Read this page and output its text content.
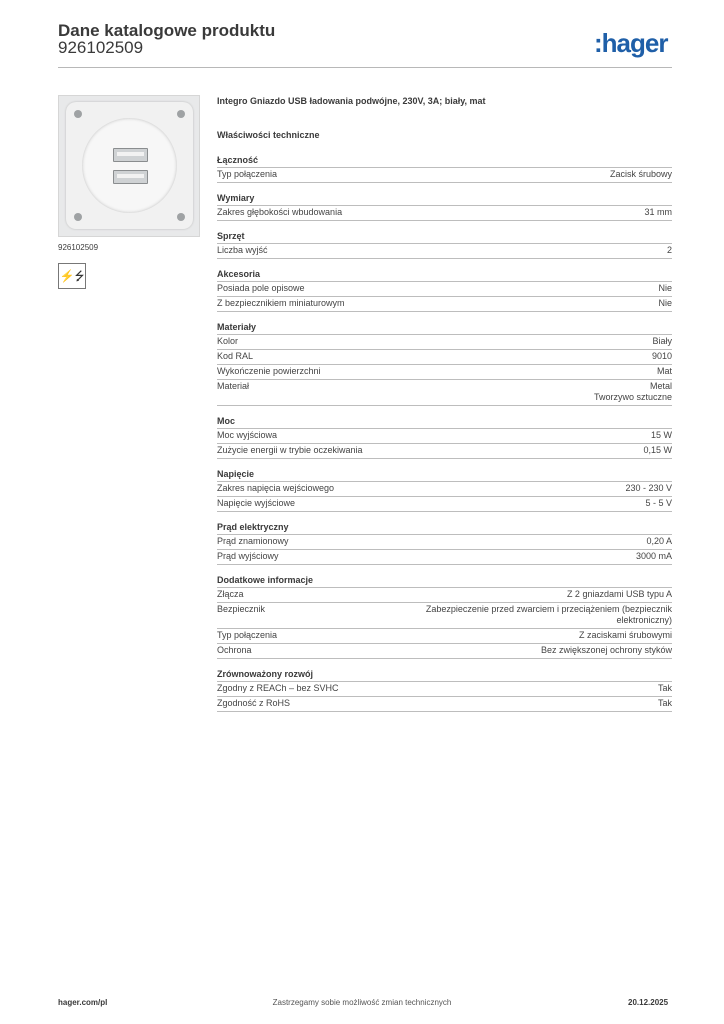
Dane katalogowe produktu
926102509	:hager
926102509
⚡⭍
Integro Gniazdo USB ładowania podwójne, 230V, 3A; biały, mat
Właściwości techniczne
Łączność
Typ połączenia	Zacisk śrubowy
Wymiary
Zakres głębokości wbudowania	31 mm
Sprzęt
Liczba wyjść	2
Akcesoria
Posiada pole opisowe	Nie
Z bezpiecznikiem miniaturowym	Nie
Materiały
Kolor	Biały
Kod RAL	9010
Wykończenie powierzchni	Mat
Materiał	Metal
Tworzywo sztuczne
Moc
Moc wyjściowa	15 W
Zużycie energii w trybie oczekiwania	0,15 W
Napięcie
Zakres napięcia wejściowego	230 - 230 V
Napięcie wyjściowe	5 - 5 V
Prąd elektryczny
Prąd znamionowy	0,20 A
Prąd wyjściowy	3000 mA
Dodatkowe informacje
Złącza	Z 2 gniazdami USB typu A
Bezpiecznik	Zabezpieczenie przed zwarciem i przeciążeniem (bezpiecznik
elektroniczny)
Typ połączenia	Z zaciskami śrubowymi
Ochrona	Bez zwiększonej ochrony styków
Zrównoważony rozwój
Zgodny z REACh – bez SVHC	Tak
Zgodność z RoHS	Tak
hager.com/pl	Zastrzegamy sobie możliwość zmian technicznych	20.12.2025
